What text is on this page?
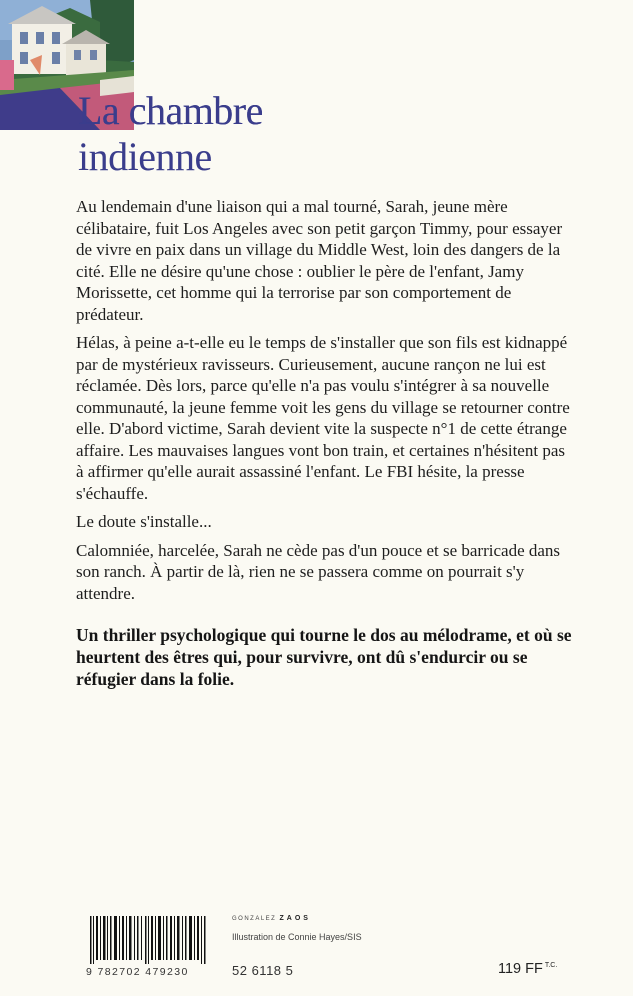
La chambre
indienne

Au lendemain d'une liaison qui a mal tourné, Sarah, jeune mère célibataire, fuit Los Angeles avec son petit garçon Timmy, pour essayer de vivre en paix dans un village du Middle West, loin des dangers de la cité. Elle ne désire qu'une chose : oublier le père de l'enfant, Jamy Morissette, cet homme qui la terrorise par son comportement de prédateur.

Hélas, à peine a-t-elle eu le temps de s'installer que son fils est kidnappé par de mystérieux ravisseurs. Curieusement, aucune rançon ne lui est réclamée. Dès lors, parce qu'elle n'a pas voulu s'intégrer à sa nouvelle communauté, la jeune femme voit les gens du village se retourner contre elle. D'abord victime, Sarah devient vite la suspecte n°1 de cette étrange affaire. Les mauvaises langues vont bon train, et certaines n'hésitent pas à affirmer qu'elle aurait assassiné l'enfant. Le FBI hésite, la presse s'échauffe.

Le doute s'installe...

Calomniée, harcelée, Sarah ne cède pas d'un pouce et se barricade dans son ranch. À partir de là, rien ne se passera comme on pourrait s'y attendre.

Un thriller psychologique qui tourne le dos au mélodrame, et où se heurtent des êtres qui, pour survivre, ont dû s'endurcir ou se réfugier dans la folie.

9 782702 479230
GONZALEZ ZAOS
Illustration de Connie Hayes/SIS
52 6118 5	119 FF $^{T.C.}$
